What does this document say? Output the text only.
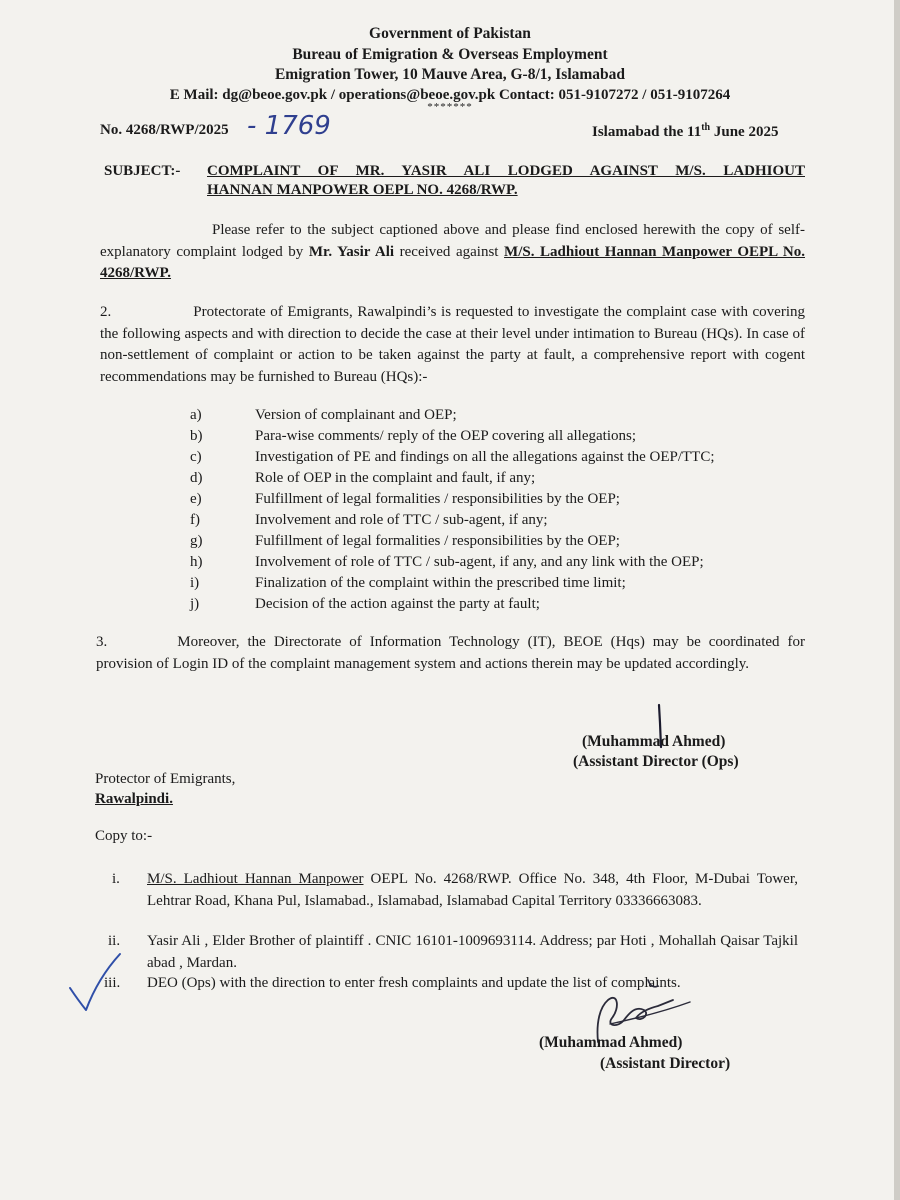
Government of Pakistan
Bureau of Emigration & Overseas Employment
Emigration Tower, 10 Mauve Area, G-8/1, Islamabad
E Mail: dg@beoe.gov.pk / operations@beoe.gov.pk Contact: 051-9107272 / 051-9107264
*******
No. 4268/RWP/2025 - 1769	Islamabad the 11th June 2025
SUBJECT:- COMPLAINT OF MR. YASIR ALI LODGED AGAINST M/S. LADHIOUT
HANNAN MANPOWER OEPL NO. 4268/RWP.
Please refer to the subject captioned above and please find enclosed herewith the copy of self-explanatory complaint lodged by Mr. Yasir Ali received against M/S. Ladhiout Hannan Manpower OEPL No. 4268/RWP.
2.	Protectorate of Emigrants, Rawalpindi’s is requested to investigate the complaint case with covering the following aspects and with direction to decide the case at their level under intimation to Bureau (HQs). In case of non-settlement of complaint or action to be taken against the party at fault, a comprehensive report with cogent recommendations may be furnished to Bureau (HQs):-
a)	Version of complainant and OEP;
b)	Para-wise comments/ reply of the OEP covering all allegations;
c)	Investigation of PE and findings on all the allegations against the OEP/TTC;
d)	Role of OEP in the complaint and fault, if any;
e)	Fulfillment of legal formalities / responsibilities by the OEP;
f)	Involvement and role of TTC / sub-agent, if any;
g)	Fulfillment of legal formalities / responsibilities by the OEP;
h)	Involvement of role of TTC / sub-agent, if any, and any link with the OEP;
i)	Finalization of the complaint within the prescribed time limit;
j)	Decision of the action against the party at fault;
3.	Moreover, the Directorate of Information Technology (IT), BEOE (Hqs) may be coordinated for provision of Login ID of the complaint management system and actions therein may be updated accordingly.
(Muhammad Ahmed)
(Assistant Director (Ops)
Protector of Emigrants,
Rawalpindi.
Copy to:-
i. M/S. Ladhiout Hannan Manpower OEPL No. 4268/RWP. Office No. 348, 4th Floor, M-Dubai Tower, Lehtrar Road, Khana Pul, Islamabad., Islamabad, Islamabad Capital Territory 03336663083.
ii. Yasir Ali , Elder Brother of plaintiff . CNIC 16101-1009693114. Address; par Hoti , Mohallah Qaisar Tajkil abad , Mardan.
iii. DEO (Ops) with the direction to enter fresh complaints and update the list of complaints.
(Muhammad Ahmed)
(Assistant Director)
